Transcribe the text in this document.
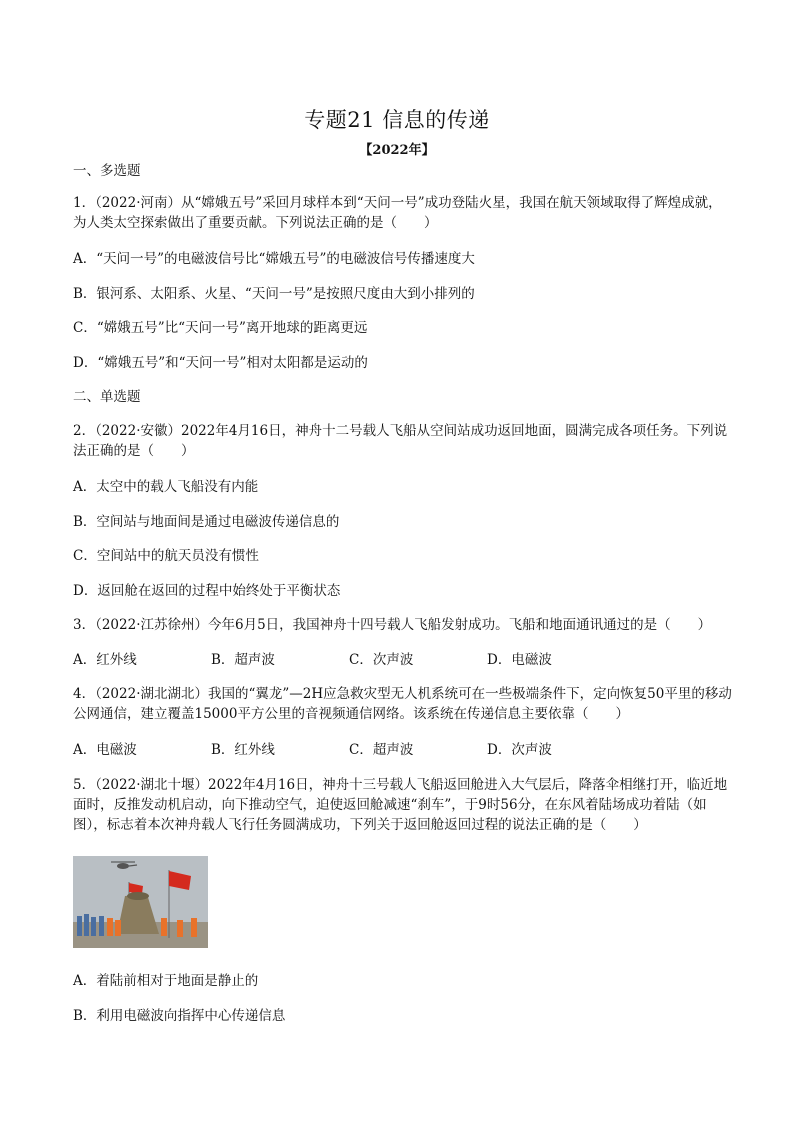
专题21 信息的传递
【2022年】
一、多选题
1．（2022·河南）从“嫦娥五号”采回月球样本到“天问一号”成功登陆火星，我国在航天领域取得了辉煌成就，为人类太空探索做出了重要贡献。下列说法正确的是（　　）
A．“天问一号”的电磁波信号比“嫦娥五号”的电磁波信号传播速度大
B．银河系、太阳系、火星、“天问一号”是按照尺度由大到小排列的
C．“嫦娥五号”比“天问一号”离开地球的距离更远
D．“嫦娥五号”和“天问一号”相对太阳都是运动的
二、单选题
2．（2022·安徽）2022年4月16日，神舟十二号载人飞船从空间站成功返回地面，圆满完成各项任务。下列说法正确的是（　　）
A．太空中的载人飞船没有内能
B．空间站与地面间是通过电磁波传递信息的
C．空间站中的航天员没有惯性
D．返回舱在返回的过程中始终处于平衡状态
3．（2022·江苏徐州）今年6月5日，我国神舟十四号载人飞船发射成功。飞船和地面通讯通过的是（　　）
A．红外线	B．超声波	C．次声波	D．电磁波
4．（2022·湖北湖北）我国的“翼龙”—2H应急救灾型无人机系统可在一些极端条件下，定向恢复50平里的移动公网通信，建立覆盖15000平方公里的音视频通信网络。该系统在传递信息主要依靠（　　）
A．电磁波	B．红外线	C．超声波	D．次声波
5．（2022·湖北十堰）2022年4月16日，神舟十三号载人飞船返回舱进入大气层后，降落伞相继打开，临近地面时，反推发动机启动，向下推动空气，迫使返回舱减速“刹车”，于9时56分，在东风着陆场成功着陆（如图），标志着本次神舟载人飞行任务圆满成功，下列关于返回舱返回过程的说法正确的是（　　）
A．着陆前相对于地面是静止的
B．利用电磁波向指挥中心传递信息
